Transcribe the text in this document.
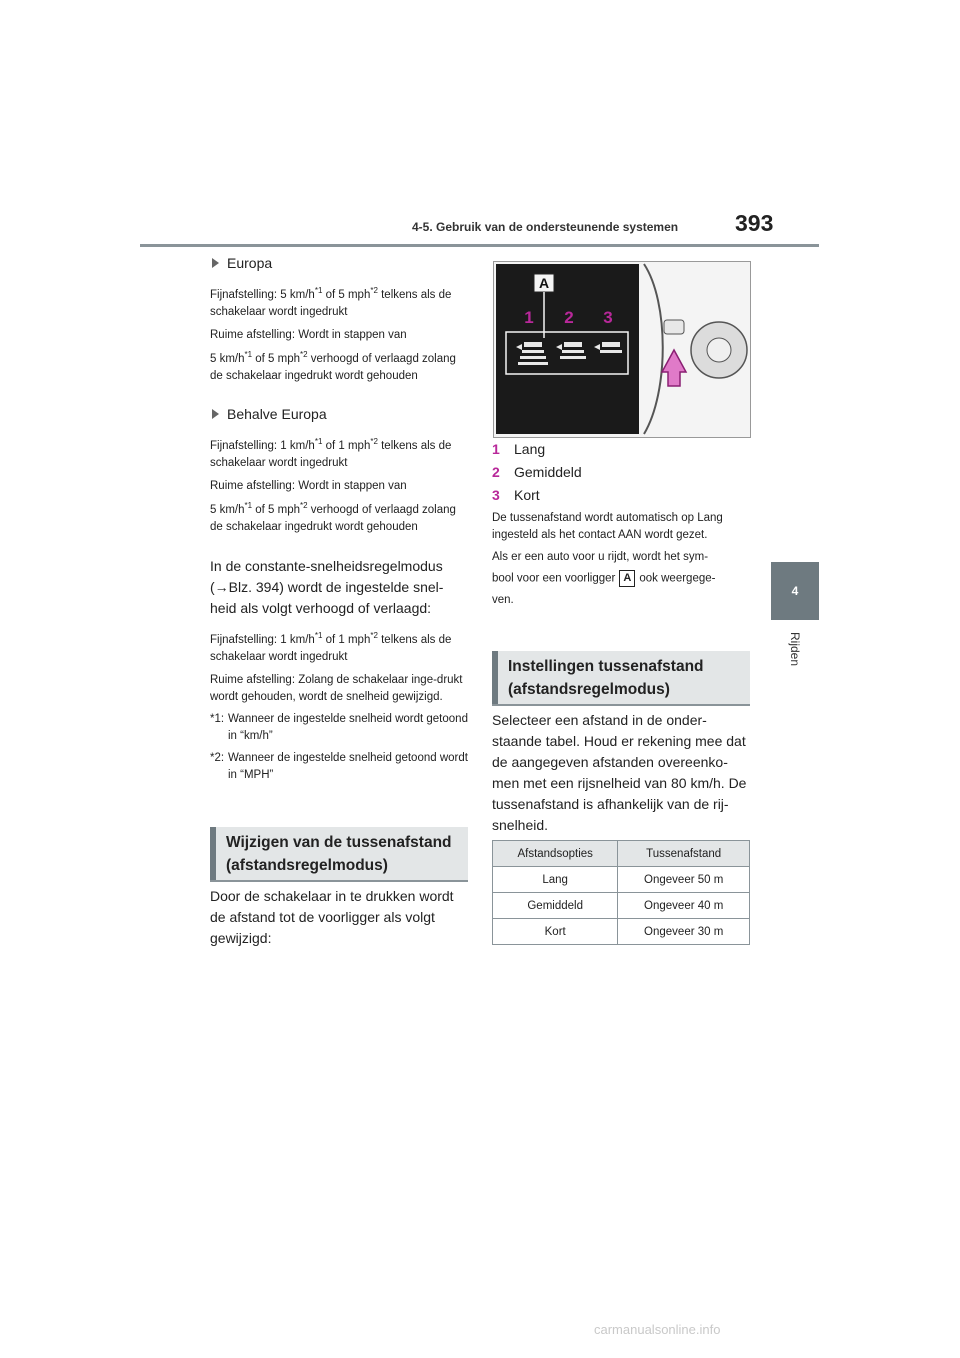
4-5. Gebruik van de ondersteunende systemen 393
4
Rijden

Europa

Fijnafstelling: 5 $km/h^{*1}$ of 5 mph$^{*2}$ telkens als de schakelaar wordt ingedrukt

Ruime afstelling: Wordt in stappen van

5 $km/h^{*1}$ of 5 mph$^{*2}$ verhoogd of verlaagd zolang de schakelaar ingedrukt wordt gehouden

Behalve Europa

Fijnafstelling: 1 $km/h^{*1}$ of 1 mph$^{*2}$ telkens als de schakelaar wordt ingedrukt

Ruime afstelling: Wordt in stappen van

5 $km/h^{*1}$ of 5 mph$^{*2}$ verhoogd of verlaagd zolang de schakelaar ingedrukt wordt gehouden

In de constante-snelheidsregelmodus

(→Blz. 394) wordt de ingestelde snel-

heid als volgt verhoogd of verlaagd:

Fijnafstelling: 1 $km/h^{*1}$ of 1 mph$^{*2}$ telkens als de schakelaar wordt ingedrukt

Ruime afstelling: Zolang de schakelaar inge-drukt wordt gehouden, wordt de snelheid gewijzigd.

*1: Wanneer de ingestelde snelheid wordt getoond in “km/h”
*2: Wanneer de ingestelde snelheid getoond wordt in “MPH”
Wijzigen van de tussenafstand
(afstandsregelmodus)

Door de schakelaar in te drukken wordt de afstand tot de voorligger als volgt gewijzigd:

A
1 2 3

1	Lang

2	Gemiddeld

3	Kort

De tussenafstand wordt automatisch op Lang ingesteld als het contact AAN wordt gezet.

Als er een auto voor u rijdt, wordt het sym-

bool voor een voorligger A ook weergege-

ven.

Instellingen tussenafstand
(afstandsregelmodus)

Selecteer een afstand in de onder-staande tabel. Houd er rekening mee dat de aangegeven afstanden overeenko-men met een rijsnelheid van 80 km/h. De tussenafstand is afhankelijk van de rij-snelheid.

Afstandsopties	Tussenafstand
Lang	Ongeveer 50 m
Gemiddeld	Ongeveer 40 m
Kort	Ongeveer 30 m
carmanualsonline.info
